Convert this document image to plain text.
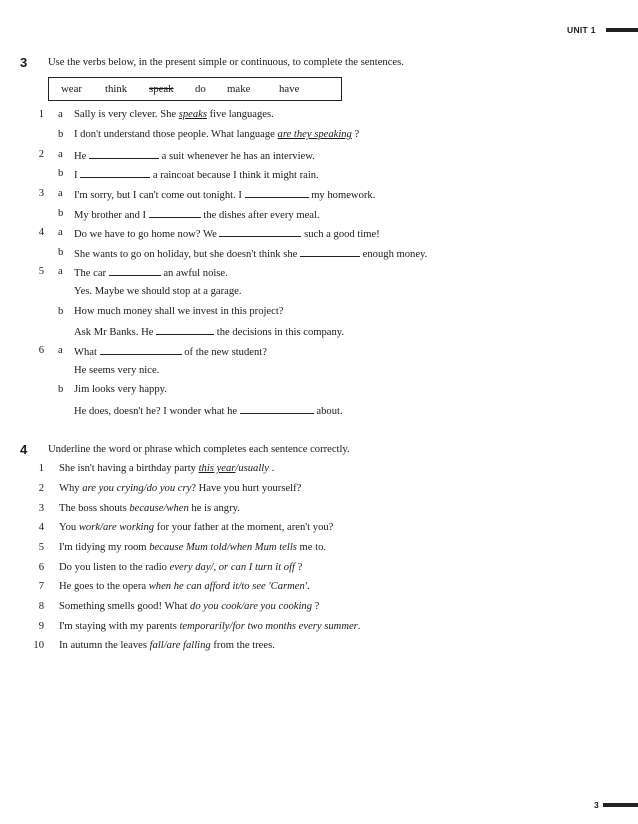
UNIT 1
3 Use the verbs below, in the present simple or continuous, to complete the sentences.
wear think speak do make	have
1 a Sally is very clever. She speaks five languages.
b I don't understand those people. What language are they speaking ?
2 a He	a suit whenever he has an interview.
b I	a raincoat because I think it might rain.
3 a I'm sorry, but I can't come out tonight. I	my homework.
b My brother and I	the dishes after every meal.
4 a Do we have to go home now? We	such a good time!
b She wants to go on holiday, but she doesn't think she	enough money.
5 a The car	an awful noise.
Yes. Maybe we should stop at a garage.
b How much money shall we invest in this project?
Ask Mr Banks. He	the decisions in this company.
6 a What	of the new student?
He seems very nice.
b Jim looks very happy.
He does, doesn't he? I wonder what he	about.
4 Underline the word or phrase which completes each sentence correctly.
1 She isn't having a birthday party this year/usually .
2 Why are you crying/do you cry? Have you hurt yourself?
3 The boss shouts because/when he is angry.
4 You work/are working for your father at the moment, aren't you?
5 I'm tidying my room because Mum told/when Mum tells me to.
6 Do you listen to the radio every day/, or can I turn it off ?
7 He goes to the opera when he can afford it/to see 'Carmen'.
8 Something smells good! What do you cook/are you cooking ?
9 I'm staying with my parents temporarily/for two months every summer.
10 In autumn the leaves fall/are falling from the trees.
3
